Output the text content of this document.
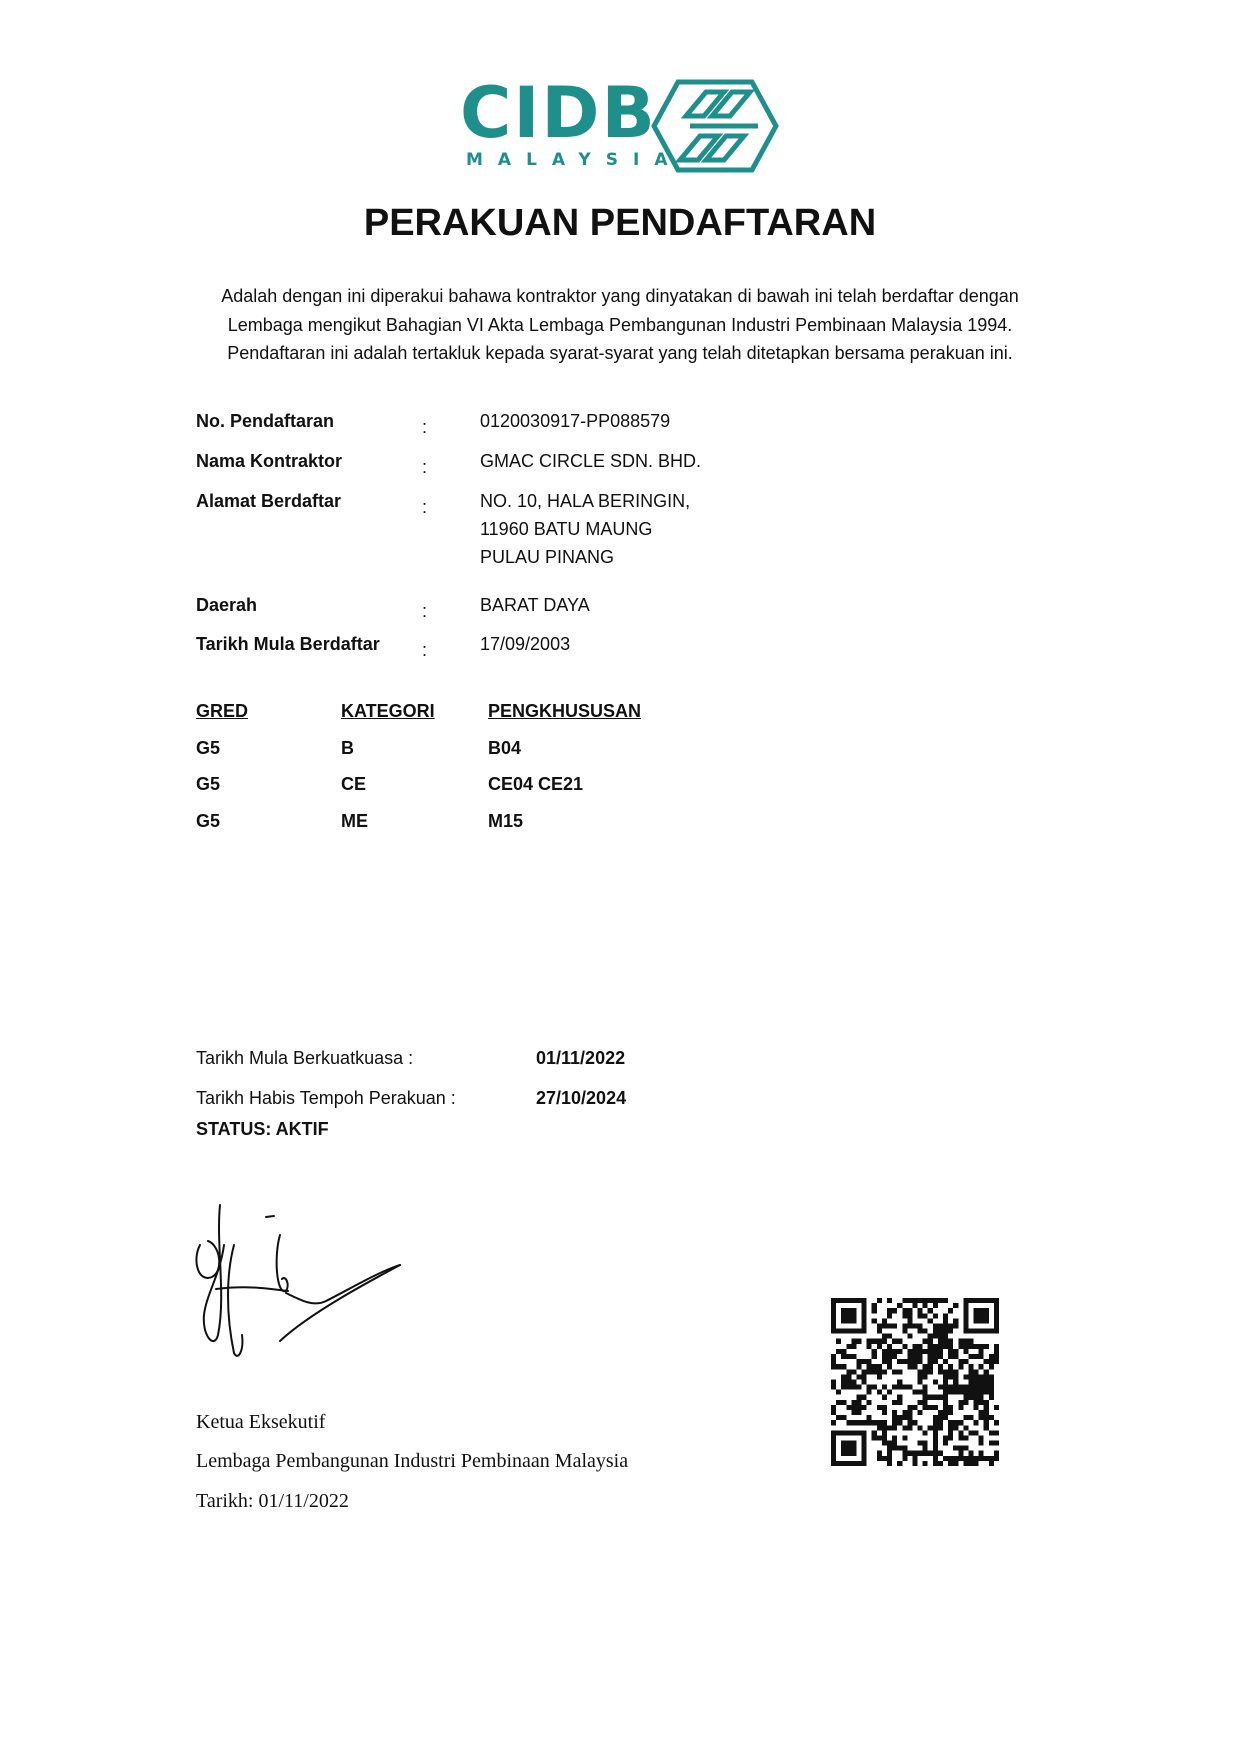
CIDB
MALAYSIA
PERAKUAN PENDAFTARAN
Adalah dengan ini diperakui bahawa kontraktor yang dinyatakan di bawah ini telah berdaftar dengan
Lembaga mengikut Bahagian VI Akta Lembaga Pembangunan Industri Pembinaan Malaysia 1994.
Pendaftaran ini adalah tertakluk kepada syarat-syarat yang telah ditetapkan bersama perakuan ini.
No. Pendaftaran	:	0120030917-PP088579
Nama Kontraktor	:	GMAC CIRCLE SDN. BHD.
Alamat Berdaftar	:	NO. 10, HALA BERINGIN,
11960 BATU MAUNG
PULAU PINANG
Daerah	:	BARAT DAYA
Tarikh Mula Berdaftar :	17/09/2003
GRED	KATEGORI	PENGKHUSUSAN
G5	B	B04
G5	CE	CE04 CE21
G5	ME	M15
Tarikh Mula Berkuatkuasa :	01/11/2022
Tarikh Habis Tempoh Perakuan :	27/10/2024
STATUS: AKTIF
Ketua Eksekutif
Lembaga Pembangunan Industri Pembinaan Malaysia
Tarikh: 01/11/2022
